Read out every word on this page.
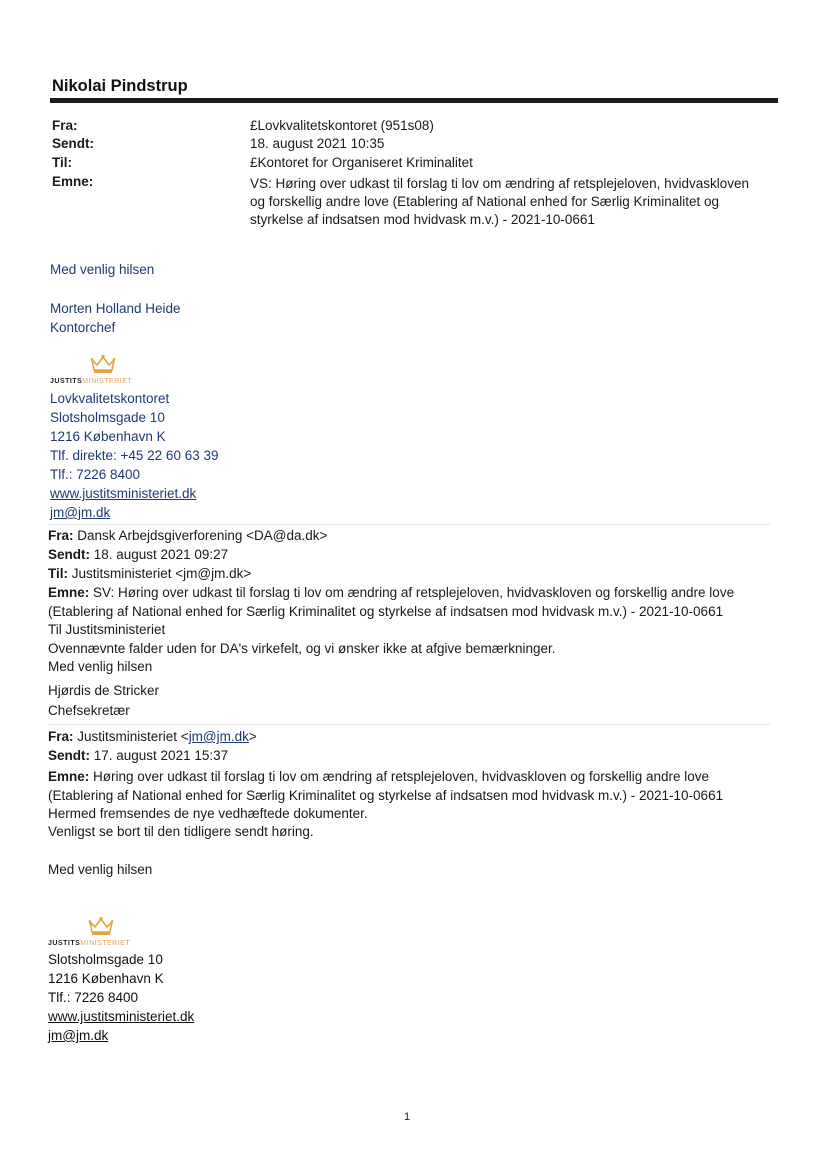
Nikolai Pindstrup
Fra:
Sendt:
Til:
Emne:
£Lovkvalitetskontoret (951s08)
18. august 2021 10:35
£Kontoret for Organiseret Kriminalitet
VS: Høring over udkast til forslag ti lov om ændring af retsplejeloven, hvidvaskloven
og forskellig andre love (Etablering af National enhed for Særlig Kriminalitet og
styrkelse af indsatsen mod hvidvask m.v.) - 2021-10-0661
Med venlig hilsen
Morten Holland Heide
Kontorchef
JUSTITSMINISTERIET
Lovkvalitetskontoret
Slotsholmsgade 10
1216 København K
Tlf. direkte: +45 22 60 63 39
Tlf.: 7226 8400
www.justitsministeriet.dk
jm@jm.dk
Fra: Dansk Arbejdsgiverforening <DA@da.dk>
Sendt: 18. august 2021 09:27
Til: Justitsministeriet <jm@jm.dk>
Emne: SV: Høring over udkast til forslag ti lov om ændring af retsplejeloven, hvidvaskloven og forskellig andre love
(Etablering af National enhed for Særlig Kriminalitet og styrkelse af indsatsen mod hvidvask m.v.) - 2021-10-0661
Til Justitsministeriet
Ovennævnte falder uden for DA's virkefelt, og vi ønsker ikke at afgive bemærkninger.
Med venlig hilsen
Hjørdis de Stricker
Chefsekretær
Fra: Justitsministeriet <jm@jm.dk>
Sendt: 17. august 2021 15:37
Emne: Høring over udkast til forslag ti lov om ændring af retsplejeloven, hvidvaskloven og forskellig andre love
(Etablering af National enhed for Særlig Kriminalitet og styrkelse af indsatsen mod hvidvask m.v.) - 2021-10-0661
Hermed fremsendes de nye vedhæftede dokumenter.
Venligst se bort til den tidligere sendt høring.
Med venlig hilsen
JUSTITSMINISTERIET
Slotsholmsgade 10
1216 København K
Tlf.: 7226 8400
www.justitsministeriet.dk
jm@jm.dk
1
